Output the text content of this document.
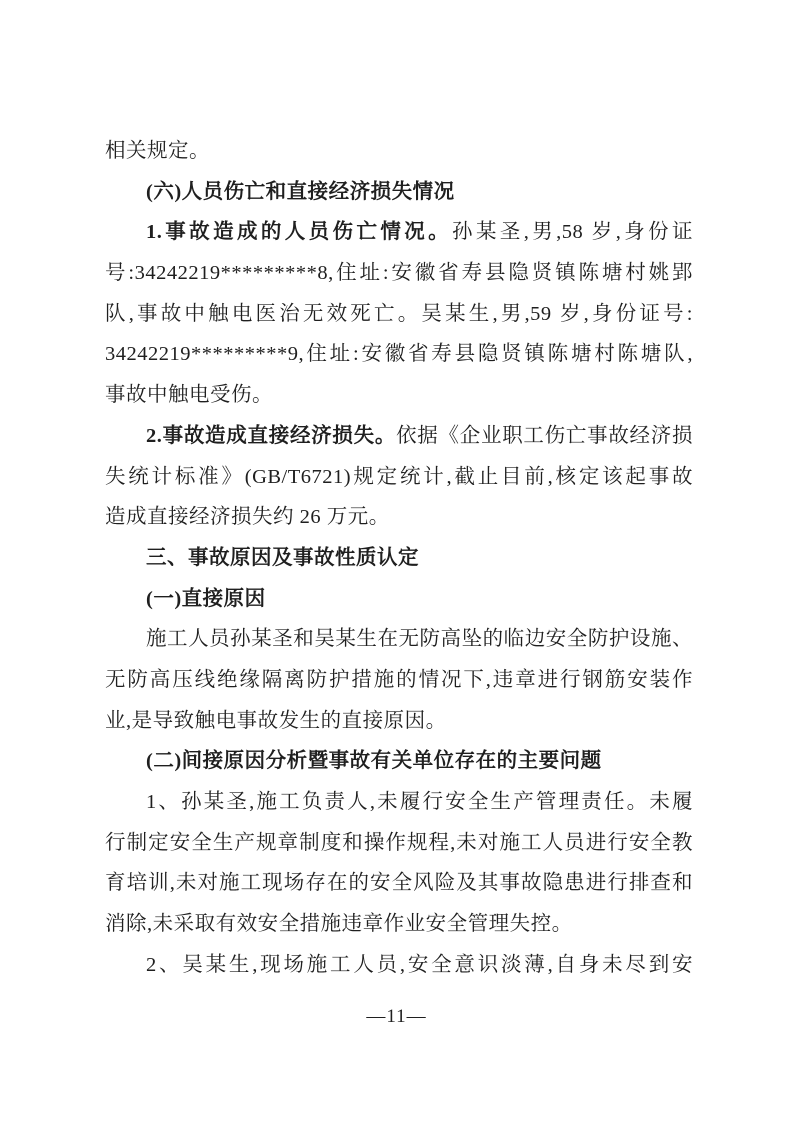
相关规定。
(六)人员伤亡和直接经济损失情况
1.事故造成的人员伤亡情况。孙某圣,男,58 岁,身份证
号:34242219*********8,住址:安徽省寿县隐贤镇陈塘村姚郢
队,事故中触电医治无效死亡。吴某生,男,59 岁,身份证号:
34242219*********9,住址:安徽省寿县隐贤镇陈塘村陈塘队,
事故中触电受伤。
2.事故造成直接经济损失。依据《企业职工伤亡事故经济损
失统计标准》(GB/T6721)规定统计,截止目前,核定该起事故
造成直接经济损失约 26 万元。
三、事故原因及事故性质认定
(一)直接原因
施工人员孙某圣和吴某生在无防高坠的临边安全防护设施、
无防高压线绝缘隔离防护措施的情况下,违章进行钢筋安装作
业,是导致触电事故发生的直接原因。
(二)间接原因分析暨事故有关单位存在的主要问题
1、孙某圣,施工负责人,未履行安全生产管理责任。未履
行制定安全生产规章制度和操作规程,未对施工人员进行安全教
育培训,未对施工现场存在的安全风险及其事故隐患进行排查和
消除,未采取有效安全措施违章作业安全管理失控。
2、吴某生,现场施工人员,安全意识淡薄,自身未尽到安
—11—
